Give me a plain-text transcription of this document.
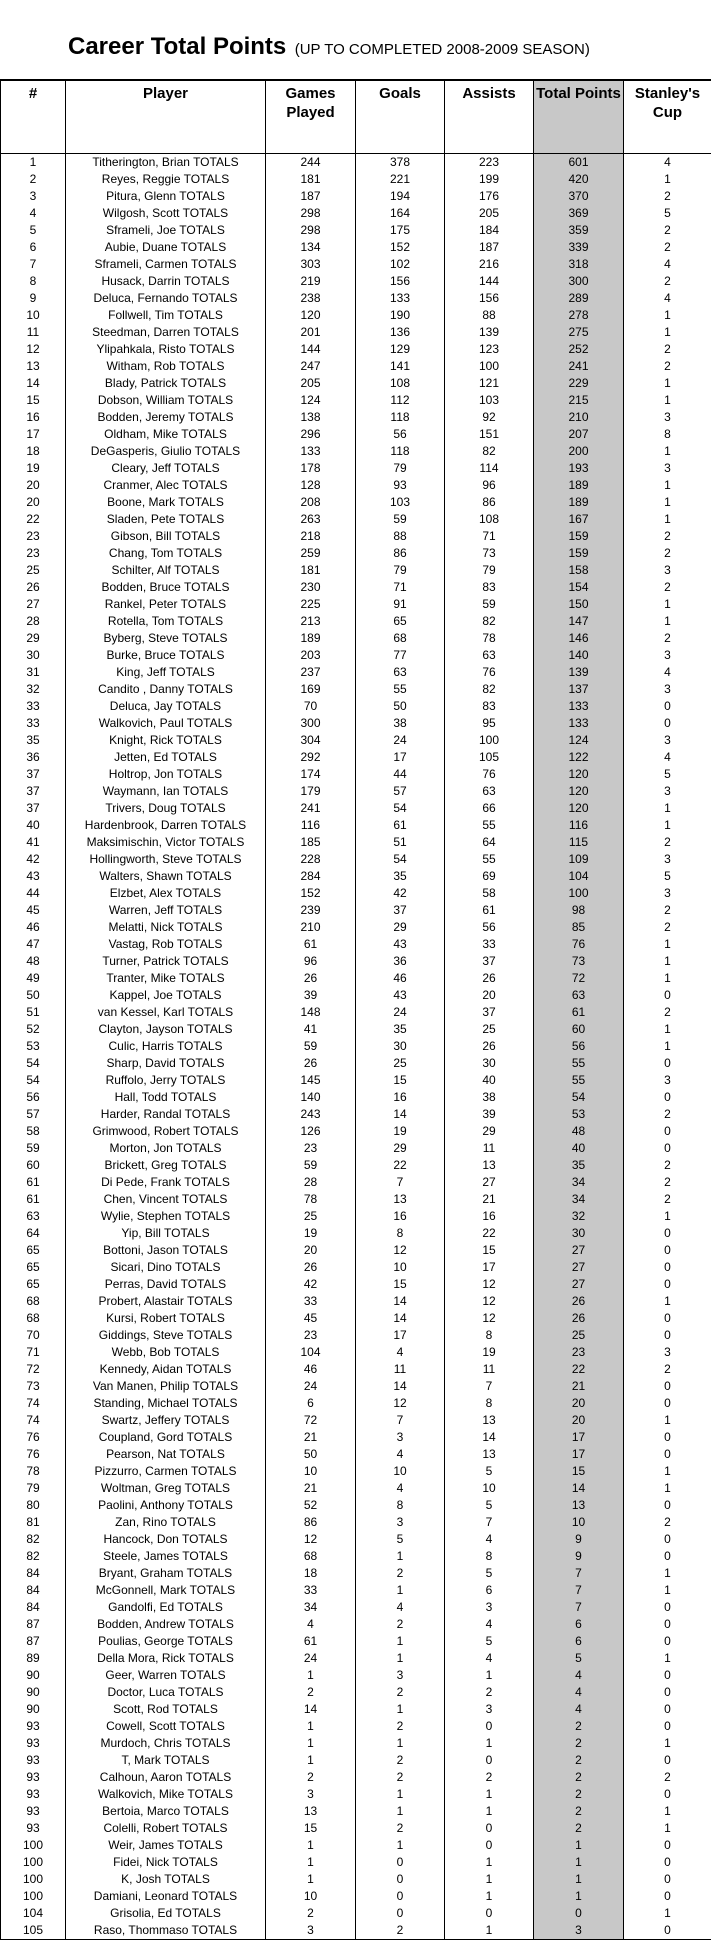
Career Total Points (UP TO COMPLETED 2008-2009 SEASON)
#	Player	Games Played	Goals	Assists	Total Points	Stanley's Cup

1	Titherington, Brian TOTALS	244	378	223	601	4
2	Reyes, Reggie TOTALS	181	221	199	420	1
3	Pitura, Glenn TOTALS	187	194	176	370	2
4	Wilgosh, Scott TOTALS	298	164	205	369	5
5	Sframeli, Joe TOTALS	298	175	184	359	2
6	Aubie, Duane TOTALS	134	152	187	339	2
7	Sframeli, Carmen TOTALS	303	102	216	318	4
8	Husack, Darrin TOTALS	219	156	144	300	2
9	Deluca, Fernando TOTALS	238	133	156	289	4
10	Follwell, Tim TOTALS	120	190	88	278	1
11	Steedman, Darren TOTALS	201	136	139	275	1
12	Ylipahkala, Risto TOTALS	144	129	123	252	2
13	Witham, Rob TOTALS	247	141	100	241	2
14	Blady, Patrick TOTALS	205	108	121	229	1
15	Dobson, William TOTALS	124	112	103	215	1
16	Bodden, Jeremy TOTALS	138	118	92	210	3
17	Oldham, Mike TOTALS	296	56	151	207	8
18	DeGasperis, Giulio TOTALS	133	118	82	200	1
19	Cleary, Jeff TOTALS	178	79	114	193	3
20	Cranmer, Alec TOTALS	128	93	96	189	1
20	Boone, Mark TOTALS	208	103	86	189	1
22	Sladen, Pete TOTALS	263	59	108	167	1
23	Gibson, Bill TOTALS	218	88	71	159	2
23	Chang, Tom TOTALS	259	86	73	159	2
25	Schilter, Alf TOTALS	181	79	79	158	3
26	Bodden, Bruce TOTALS	230	71	83	154	2
27	Rankel, Peter TOTALS	225	91	59	150	1
28	Rotella, Tom TOTALS	213	65	82	147	1
29	Byberg, Steve TOTALS	189	68	78	146	2
30	Burke, Bruce TOTALS	203	77	63	140	3
31	King, Jeff TOTALS	237	63	76	139	4
32	Candito , Danny TOTALS	169	55	82	137	3
33	Deluca, Jay TOTALS	70	50	83	133	0
33	Walkovich, Paul TOTALS	300	38	95	133	0
35	Knight, Rick TOTALS	304	24	100	124	3
36	Jetten, Ed TOTALS	292	17	105	122	4
37	Holtrop, Jon TOTALS	174	44	76	120	5
37	Waymann, Ian TOTALS	179	57	63	120	3
37	Trivers, Doug TOTALS	241	54	66	120	1
40	Hardenbrook, Darren TOTALS	116	61	55	116	1
41	Maksimischin, Victor TOTALS	185	51	64	115	2
42	Hollingworth, Steve TOTALS	228	54	55	109	3
43	Walters, Shawn TOTALS	284	35	69	104	5
44	Elzbet, Alex TOTALS	152	42	58	100	3
45	Warren, Jeff TOTALS	239	37	61	98	2
46	Melatti, Nick TOTALS	210	29	56	85	2
47	Vastag, Rob TOTALS	61	43	33	76	1
48	Turner, Patrick TOTALS	96	36	37	73	1
49	Tranter, Mike TOTALS	26	46	26	72	1
50	Kappel, Joe TOTALS	39	43	20	63	0
51	van Kessel, Karl TOTALS	148	24	37	61	2
52	Clayton, Jayson TOTALS	41	35	25	60	1
53	Culic, Harris TOTALS	59	30	26	56	1
54	Sharp, David TOTALS	26	25	30	55	0
54	Ruffolo, Jerry TOTALS	145	15	40	55	3
56	Hall, Todd TOTALS	140	16	38	54	0
57	Harder, Randal TOTALS	243	14	39	53	2
58	Grimwood, Robert TOTALS	126	19	29	48	0
59	Morton, Jon TOTALS	23	29	11	40	0
60	Brickett, Greg TOTALS	59	22	13	35	2
61	Di Pede, Frank TOTALS	28	7	27	34	2
61	Chen, Vincent TOTALS	78	13	21	34	2
63	Wylie, Stephen TOTALS	25	16	16	32	1
64	Yip, Bill TOTALS	19	8	22	30	0
65	Bottoni, Jason TOTALS	20	12	15	27	0
65	Sicari, Dino TOTALS	26	10	17	27	0
65	Perras, David TOTALS	42	15	12	27	0
68	Probert, Alastair TOTALS	33	14	12	26	1
68	Kursi, Robert TOTALS	45	14	12	26	0
70	Giddings, Steve TOTALS	23	17	8	25	0
71	Webb, Bob TOTALS	104	4	19	23	3
72	Kennedy, Aidan TOTALS	46	11	11	22	2
73	Van Manen, Philip TOTALS	24	14	7	21	0
74	Standing, Michael TOTALS	6	12	8	20	0
74	Swartz, Jeffery TOTALS	72	7	13	20	1
76	Coupland, Gord TOTALS	21	3	14	17	0
76	Pearson, Nat TOTALS	50	4	13	17	0
78	Pizzurro, Carmen TOTALS	10	10	5	15	1
79	Woltman, Greg TOTALS	21	4	10	14	1
80	Paolini, Anthony TOTALS	52	8	5	13	0
81	Zan, Rino TOTALS	86	3	7	10	2
82	Hancock, Don TOTALS	12	5	4	9	0
82	Steele, James TOTALS	68	1	8	9	0
84	Bryant, Graham TOTALS	18	2	5	7	1
84	McGonnell, Mark TOTALS	33	1	6	7	1
84	Gandolfi, Ed TOTALS	34	4	3	7	0
87	Bodden, Andrew TOTALS	4	2	4	6	0
87	Poulias, George TOTALS	61	1	5	6	0
89	Della Mora, Rick TOTALS	24	1	4	5	1
90	Geer, Warren TOTALS	1	3	1	4	0
90	Doctor, Luca TOTALS	2	2	2	4	0
90	Scott, Rod TOTALS	14	1	3	4	0
93	Cowell, Scott TOTALS	1	2	0	2	0
93	Murdoch, Chris TOTALS	1	1	1	2	1
93	T, Mark TOTALS	1	2	0	2	0
93	Calhoun, Aaron TOTALS	2	2	2	2	2
93	Walkovich, Mike TOTALS	3	1	1	2	0
93	Bertoia, Marco TOTALS	13	1	1	2	1
93	Colelli, Robert TOTALS	15	2	0	2	1
100	Weir, James TOTALS	1	1	0	1	0
100	Fidei, Nick TOTALS	1	0	1	1	0
100	K, Josh TOTALS	1	0	1	1	0
100	Damiani, Leonard TOTALS	10	0	1	1	0
104	Grisolia, Ed TOTALS	2	0	0	0	1
105	Raso, Thommaso TOTALS	3	2	1	3	0
